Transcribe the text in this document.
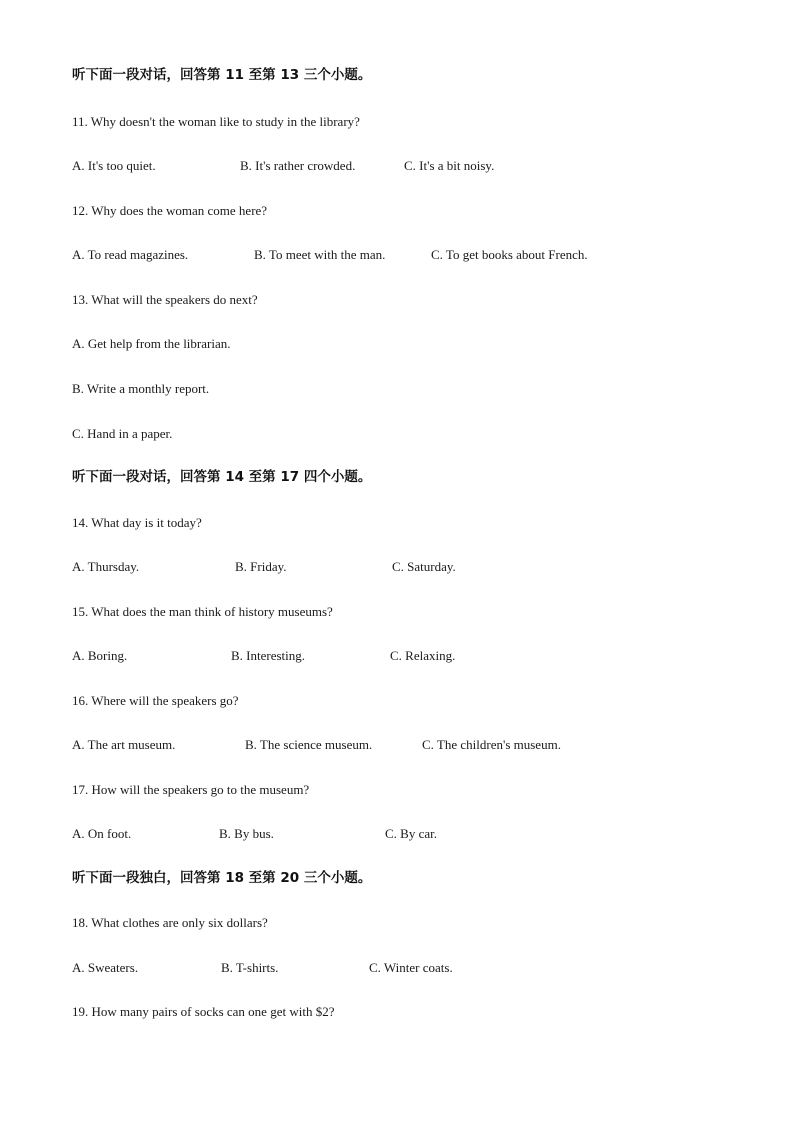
听下面一段对话，回答第 11 至第 13 三个小题。
11. Why doesn't the woman like to study in the library?
A. It's too quiet.	B. It's rather crowded.	C. It's a bit noisy.
12. Why does the woman come here?
A. To read magazines.	B. To meet with the man.	C. To get books about French.
13. What will the speakers do next?
A. Get help from the librarian.
B. Write a monthly report.
C. Hand in a paper.
听下面一段对话，回答第 14 至第 17 四个小题。
14. What day is it today?
A. Thursday.	B. Friday.	C. Saturday.
15. What does the man think of history museums?
A. Boring.	B. Interesting.	C. Relaxing.
16. Where will the speakers go?
A. The art museum.	B. The science museum.	C. The children's museum.
17. How will the speakers go to the museum?
A. On foot.	B. By bus.	C. By car.
听下面一段独白，回答第 18 至第 20 三个小题。
18. What clothes are only six dollars?
A. Sweaters.	B. T-shirts.	C. Winter coats.
19. How many pairs of socks can one get with $2?
